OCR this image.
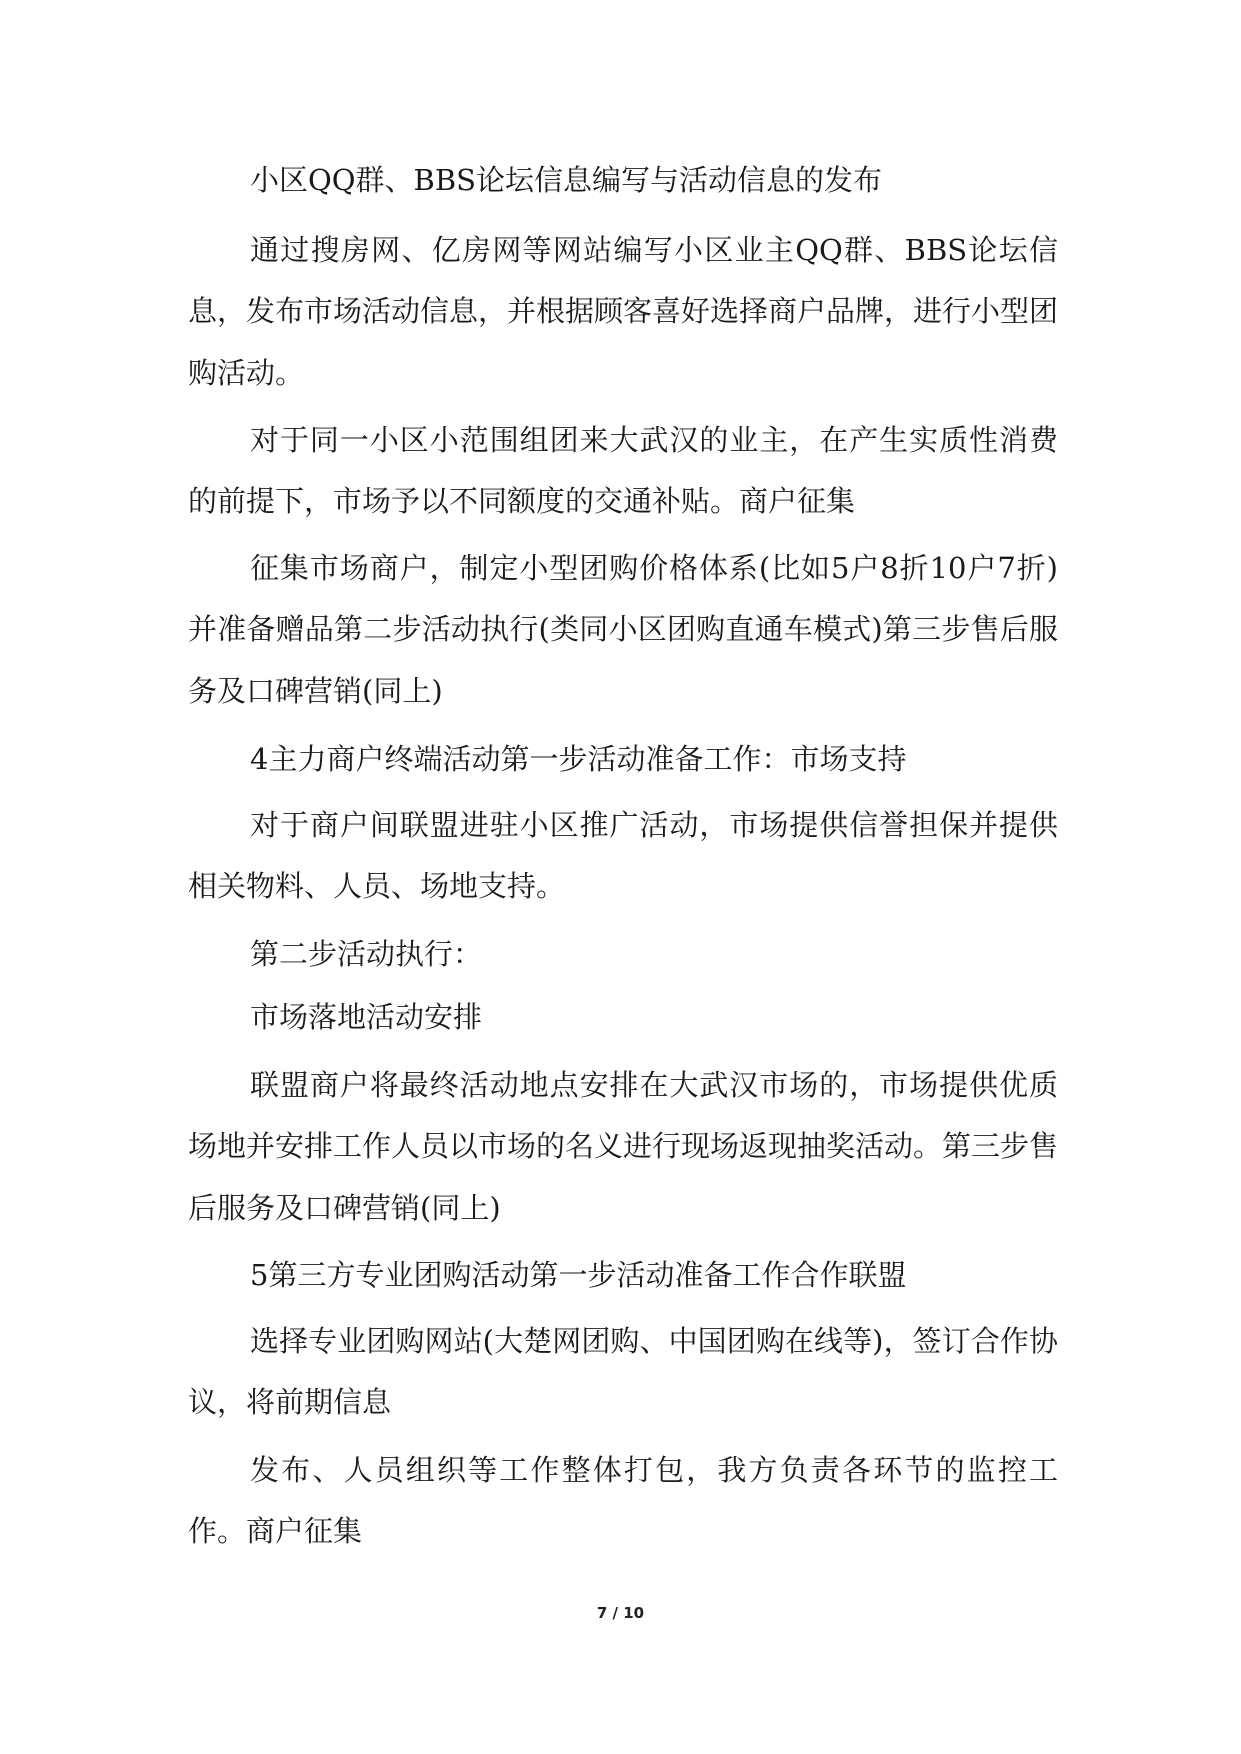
小区QQ群、BBS论坛信息编写与活动信息的发布

通过搜房网、亿房网等网站编写小区业主QQ群、BBS论坛信息，发布市场活动信息，并根据顾客喜好选择商户品牌，进行小型团购活动。

对于同一小区小范围组团来大武汉的业主，在产生实质性消费的前提下，市场予以不同额度的交通补贴。商户征集

征集市场商户，制定小型团购价格体系(比如5户8折10户7折)并准备赠品第二步活动执行(类同小区团购直通车模式)第三步售后服务及口碑营销(同上)

4主力商户终端活动第一步活动准备工作：市场支持

对于商户间联盟进驻小区推广活动，市场提供信誉担保并提供相关物料、人员、场地支持。

第二步活动执行：

市场落地活动安排

联盟商户将最终活动地点安排在大武汉市场的，市场提供优质场地并安排工作人员以市场的名义进行现场返现抽奖活动。第三步售后服务及口碑营销(同上)

5第三方专业团购活动第一步活动准备工作合作联盟

选择专业团购网站(大楚网团购、中国团购在线等)，签订合作协议，将前期信息

发布、人员组织等工作整体打包，我方负责各环节的监控工作。商户征集

7 / 10
